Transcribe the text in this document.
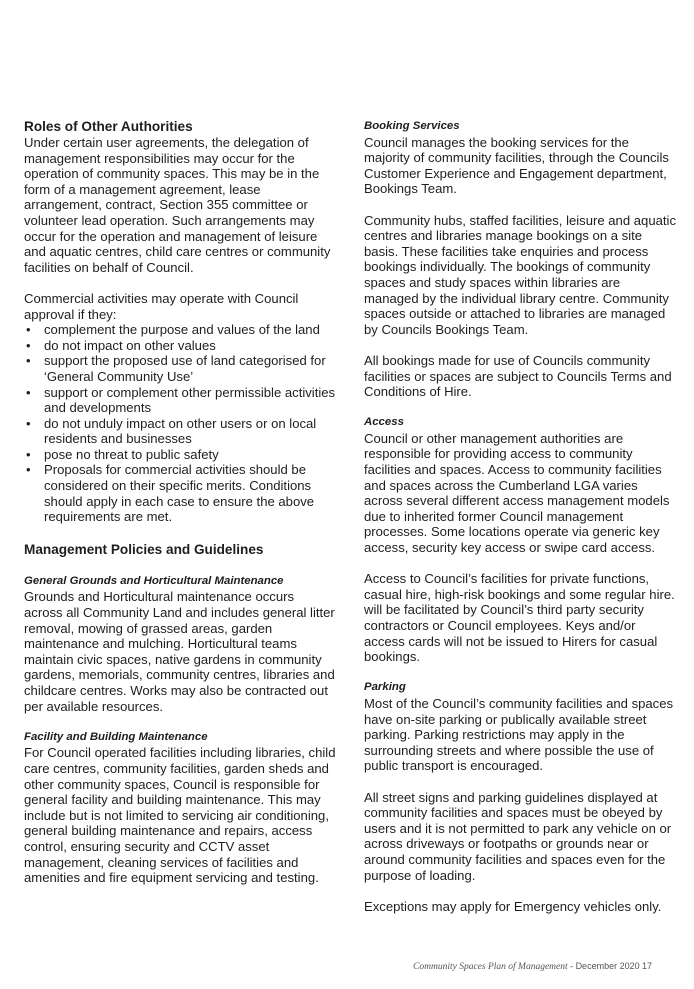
Roles of Other Authorities

Under certain user agreements, the delegation of management responsibilities may occur for the operation of community spaces. This may be in the form of a management agreement, lease arrangement, contract, Section 355 committee or volunteer lead operation. Such arrangements may occur for the operation and management of leisure and aquatic centres, child care centres or community facilities on behalf of Council.

Commercial activities may operate with Council approval if they:

• complement the purpose and values of the land
• do not impact on other values
• support the proposed use of land categorised for ‘General Community Use’
• support or complement other permissible activities and developments
• do not unduly impact on other users or on local residents and businesses
• pose no threat to public safety
• Proposals for commercial activities should be considered on their specific merits. Conditions should apply in each case to ensure the above requirements are met.
Management Policies and Guidelines
General Grounds and Horticultural Maintenance

Grounds and Horticultural maintenance occurs across all Community Land and includes general litter removal, mowing of grassed areas, garden maintenance and mulching. Horticultural teams maintain civic spaces, native gardens in community gardens, memorials, community centres, libraries and childcare centres. Works may also be contracted out per available resources.

Facility and Building Maintenance

For Council operated facilities including libraries, child care centres, community facilities, garden sheds and other community spaces, Council is responsible for general facility and building maintenance. This may include but is not limited to servicing air conditioning, general building maintenance and repairs, access control, ensuring security and CCTV asset management, cleaning services of facilities and amenities and fire equipment servicing and testing.

Booking Services

Council manages the booking services for the majority of community facilities, through the Councils Customer Experience and Engagement department, Bookings Team.

Community hubs, staffed facilities, leisure and aquatic centres and libraries manage bookings on a site basis. These facilities take enquiries and process bookings individually. The bookings of community spaces and study spaces within libraries are managed by the individual library centre. Community spaces outside or attached to libraries are managed by Councils Bookings Team.

All bookings made for use of Councils community facilities or spaces are subject to Councils Terms and Conditions of Hire.

Access

Council or other management authorities are responsible for providing access to community facilities and spaces. Access to community facilities and spaces across the Cumberland LGA varies across several different access management models due to inherited former Council management processes. Some locations operate via generic key access, security key access or swipe card access.

Access to Council’s facilities for private functions, casual hire, high-risk bookings and some regular hire. will be facilitated by Council’s third party security contractors or Council employees. Keys and/or access cards will not be issued to Hirers for casual bookings.

Parking

Most of the Council’s community facilities and spaces have on-site parking or publically available street parking. Parking restrictions may apply in the surrounding streets and where possible the use of public transport is encouraged.

All street signs and parking guidelines displayed at community facilities and spaces must be obeyed by users and it is not permitted to park any vehicle on or across driveways or footpaths or grounds near or around community facilities and spaces even for the purpose of loading.

Exceptions may apply for Emergency vehicles only.

Community Spaces Plan of Management - December 2020 17
